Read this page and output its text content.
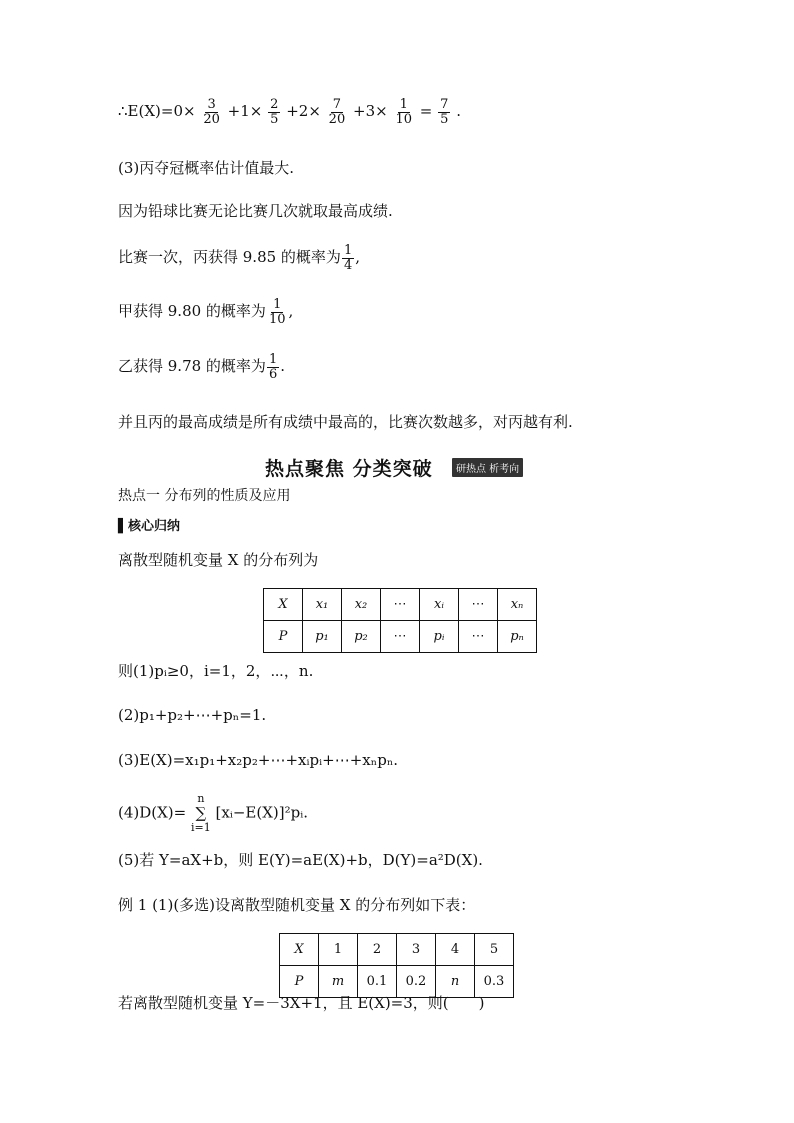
∴E(X)=0× $\frac{3}{20} +1\times \frac{2}{5} +2\times \frac{7}{20} +3\times \frac{1}{10} = \frac{7}{5}$ .
(3)丙夺冠概率估计值最大.
因为铅球比赛无论比赛几次就取最高成绩.
比赛一次，丙获得 9.85 的概率为 $\frac{1}{4}$ ,
甲获得 9.80 的概率为 $\frac{1}{10}$ ,
乙获得 9.78 的概率为 $\frac{1}{6}$ .
并且丙的最高成绩是所有成绩中最高的，比赛次数越多，对丙越有利.
热点聚焦 分类突破	研热点 析考向
热点一 分布列的性质及应用
▌核心归纳
离散型随机变量 X 的分布列为
X	x₁	x₂	⋯	xᵢ	⋯	xₙ
P	p₁	p₂	⋯	pᵢ	⋯	pₙ
则(1)pᵢ≥0，i=1，2，⋯，n.
(2)p₁+p₂+⋯+pₙ=1.
(3)E(X)=x₁p₁+x₂p₂+⋯+xᵢpᵢ+⋯+xₙpₙ.
(4)D(X)=
n
∑
i=1
[xᵢ−E(X)]²pᵢ.
(5)若 Y=aX+b，则 E(Y)=aE(X)+b，D(Y)=a²D(X).
例 1 (1)(多选)设离散型随机变量 X 的分布列如下表：
X	1	2	3	4	5
P	m	0.1	0.2	n	0.3
若离散型随机变量 Y=－3X+1，且 E(X)=3，则(　　)
